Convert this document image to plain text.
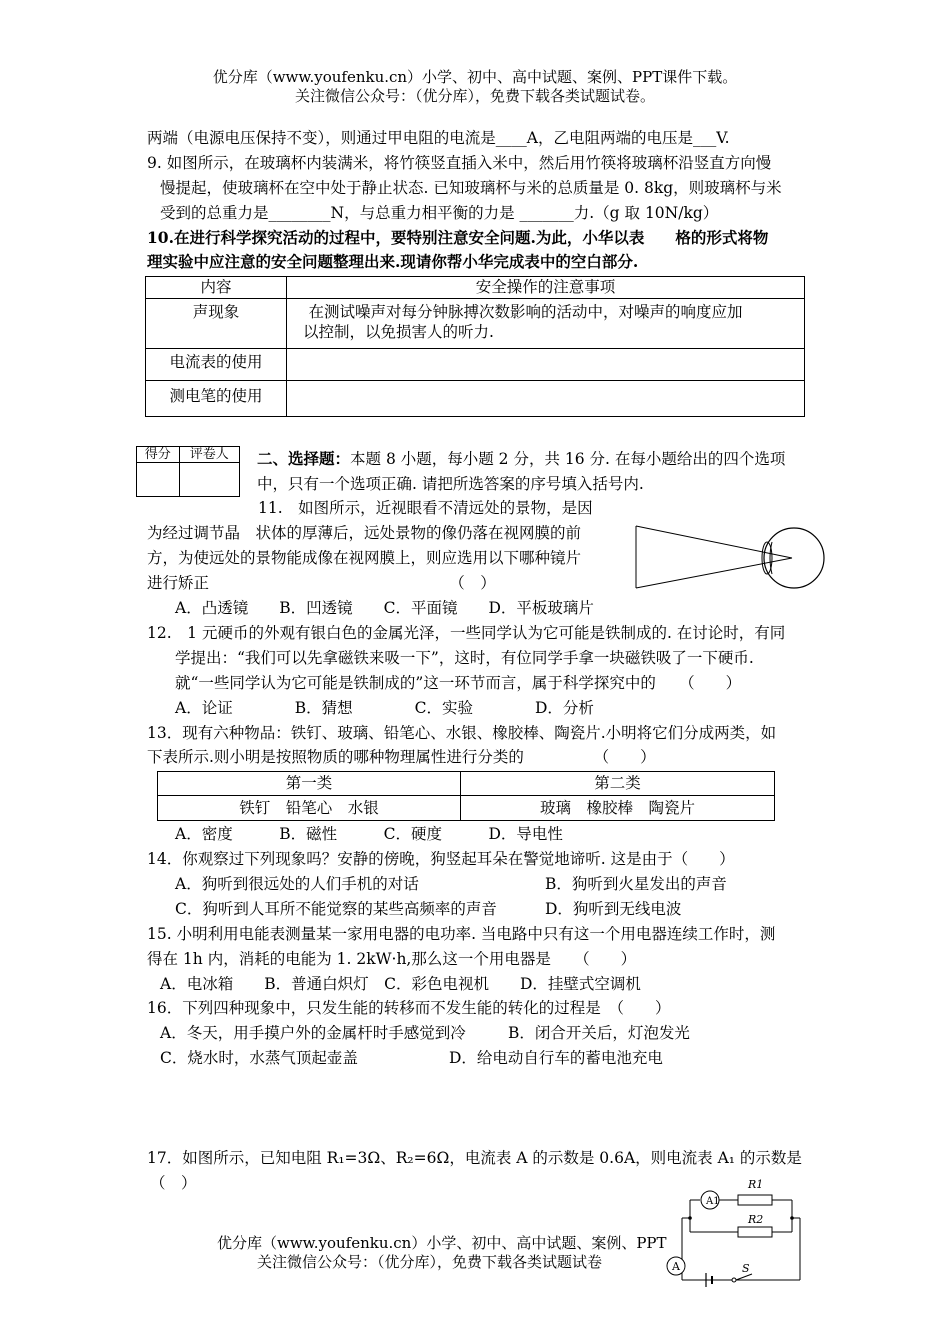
优分库（www.youfenku.cn）小学、初中、高中试题、案例、PPT课件下载。
关注微信公众号：（优分库），免费下载各类试题试卷。
两端（电源电压保持不变），则通过甲电阻的电流是____A，乙电阻两端的电压是___V.
9. 如图所示，在玻璃杯内装满米，将竹筷竖直插入米中，然后用竹筷将玻璃杯沿竖直方向慢
慢提起，使玻璃杯在空中处于静止状态. 已知玻璃杯与米的总质量是 0. 8kg，则玻璃杯与米
受到的总重力是________N，与总重力相平衡的力是 _______力.（g 取 10N/kg）
10.在进行科学探究活动的过程中，要特别注意安全问题.为此，小华以表　　格的形式将物
理实验中应注意的安全问题整理出来.现请你帮小华完成表中的空白部分.
内容	安全操作的注意事项
声现象	　在测试噪声对每分钟脉搏次数影响的活动中，对噪声的响度应加
以控制，以免损害人的听力.

电流表的使用	
测电笔的使用	
得分	评卷人
	二、选择题：本题 8 小题，每小题 2 分，共 16 分. 在每小题给出的四个选项
中，只有一个选项正确. 请把所选答案的序号填入括号内.
11.　如图所示，近视眼看不清远处的景物，是因
为经过调节晶　状体的厚薄后，远处景物的像仍落在视网膜的前
方，为使远处的景物能成像在视网膜上，则应选用以下哪种镜片
进行矫正　　　　　　　　　　　　　　　　（　）
A．凸透镜　　B．凹透镜　　C．平面镜　　D．平板玻璃片
12.　1 元硬币的外观有银白色的金属光泽，一些同学认为它可能是铁制成的. 在讨论时，有同
学提出：“我们可以先拿磁铁来吸一下”，这时，有位同学手拿一块磁铁吸了一下硬币.
就“一些同学认为它可能是铁制成的”这一环节而言，属于科学探究中的　　（　　）
A．论证　　　　B．猜想　　　　C．实验　　　　D．分析
13．现有六种物品：铁钉、玻璃、铅笔心、水银、橡胶棒、陶瓷片.小明将它们分成两类，如
下表所示.则小明是按照物质的哪种物理属性进行分类的　　　　　（　　）
第一类	第二类
铁钉　铅笔心　水银	玻璃　橡胶棒　陶瓷片
A．密度　　　B．磁性　　　C．硬度　　　D．导电性
14．你观察过下列现象吗？安静的傍晚，狗竖起耳朵在警觉地谛听. 这是由于（　　）
A．狗听到很远处的人们手机的对话	B．狗听到火星发出的声音
C．狗听到人耳所不能觉察的某些高频率的声音	D．狗听到无线电波
15. 小明利用电能表测量某一家用电器的电功率. 当电路中只有这一个用电器连续工作时，测
得在 1h 内，消耗的电能为 1. 2kW·h,那么这一个用电器是　　（　　）
A．电冰箱　　B．普通白炽灯　C．彩色电视机　　D．挂壁式空调机
16．下列四种现象中，只发生能的转移而不发生能的转化的过程是　（　　）
A．冬天，用手摸户外的金属杆时手感觉到冷	B．闭合开关后，灯泡发光
C．烧水时，水蒸气顶起壶盖	D．给电动自行车的蓄电池充电
17．如图所示，已知电阻 R₁=3Ω、R₂=6Ω，电流表 A 的示数是 0.6A，则电流表 A₁ 的示数是
（　）
A1
R1
R2
A	S
优分库（www.youfenku.cn）小学、初中、高中试题、案例、PPT
关注微信公众号：（优分库），免费下载各类试题试卷
